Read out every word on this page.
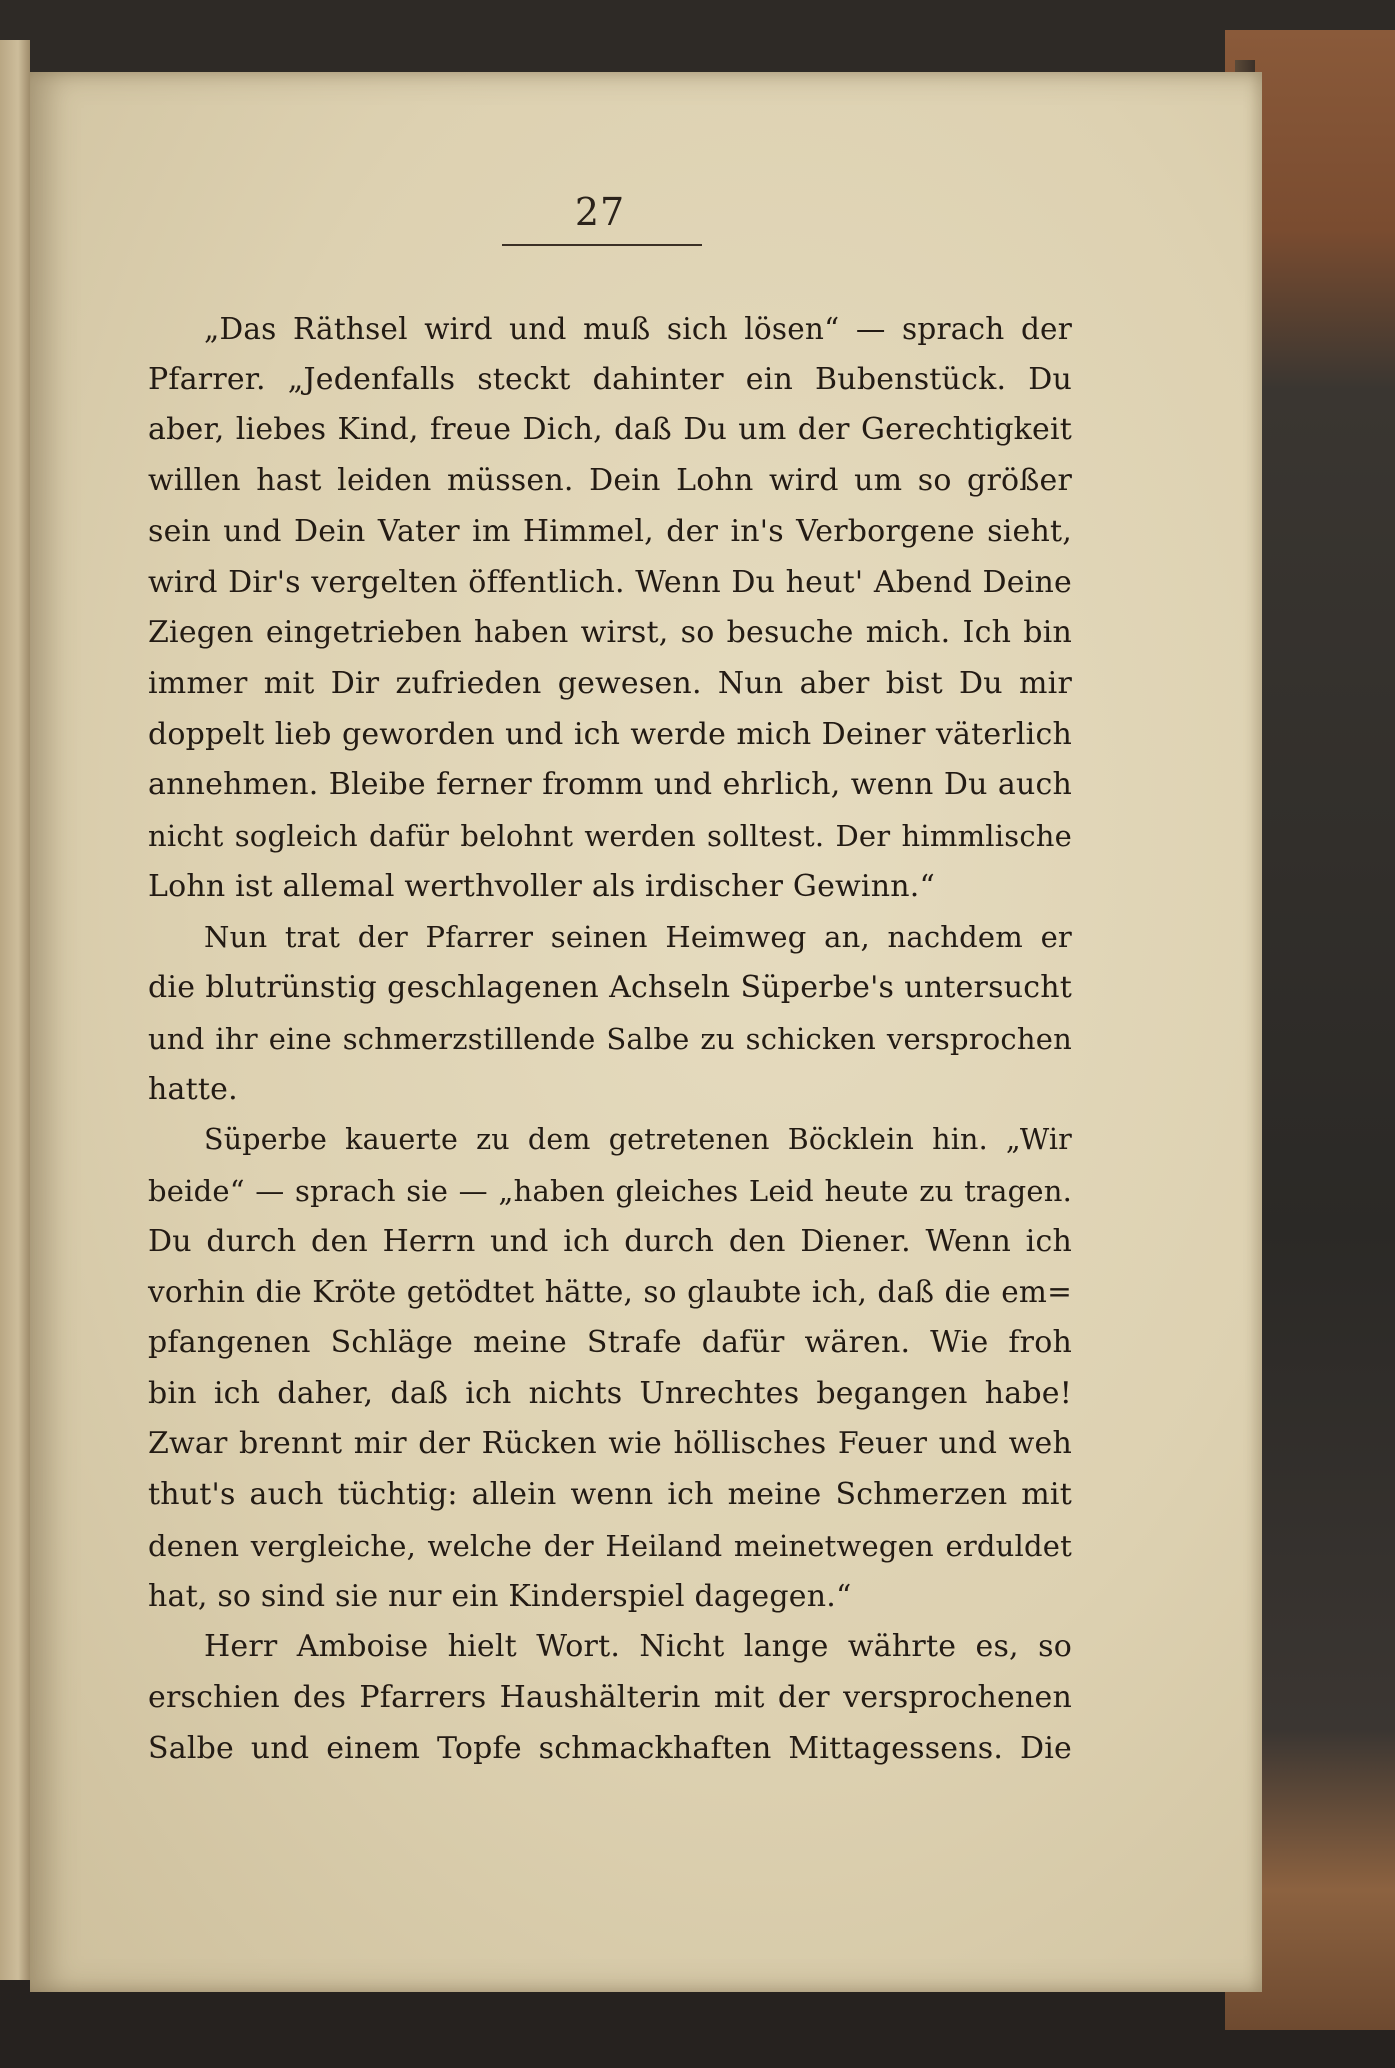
27
„Das Räthsel wird und muß sich lösen“ — sprach der
Pfarrer. „Jedenfalls steckt dahinter ein Bubenstück. Du
aber, liebes Kind, freue Dich, daß Du um der Gerechtigkeit
willen hast leiden müssen. Dein Lohn wird um so größer
sein und Dein Vater im Himmel, der in's Verborgene sieht,
wird Dir's vergelten öffentlich. Wenn Du heut' Abend Deine
Ziegen eingetrieben haben wirst, so besuche mich. Ich bin
immer mit Dir zufrieden gewesen. Nun aber bist Du mir
doppelt lieb geworden und ich werde mich Deiner väterlich
annehmen. Bleibe ferner fromm und ehrlich, wenn Du auch
nicht sogleich dafür belohnt werden solltest. Der himmlische
Lohn ist allemal werthvoller als irdischer Gewinn.“
Nun trat der Pfarrer seinen Heimweg an, nachdem er
die blutrünstig geschlagenen Achseln Süperbe's untersucht
und ihr eine schmerzstillende Salbe zu schicken versprochen
hatte.
Süperbe kauerte zu dem getretenen Böcklein hin. „Wir
beide“ — sprach sie — „haben gleiches Leid heute zu tragen.
Du durch den Herrn und ich durch den Diener. Wenn ich
vorhin die Kröte getödtet hätte, so glaubte ich, daß die em=
pfangenen Schläge meine Strafe dafür wären. Wie froh
bin ich daher, daß ich nichts Unrechtes begangen habe!
Zwar brennt mir der Rücken wie höllisches Feuer und weh
thut's auch tüchtig: allein wenn ich meine Schmerzen mit
denen vergleiche, welche der Heiland meinetwegen erduldet
hat, so sind sie nur ein Kinderspiel dagegen.“
Herr Amboise hielt Wort. Nicht lange währte es, so
erschien des Pfarrers Haushälterin mit der versprochenen
Salbe und einem Topfe schmackhaften Mittagessens. Die
